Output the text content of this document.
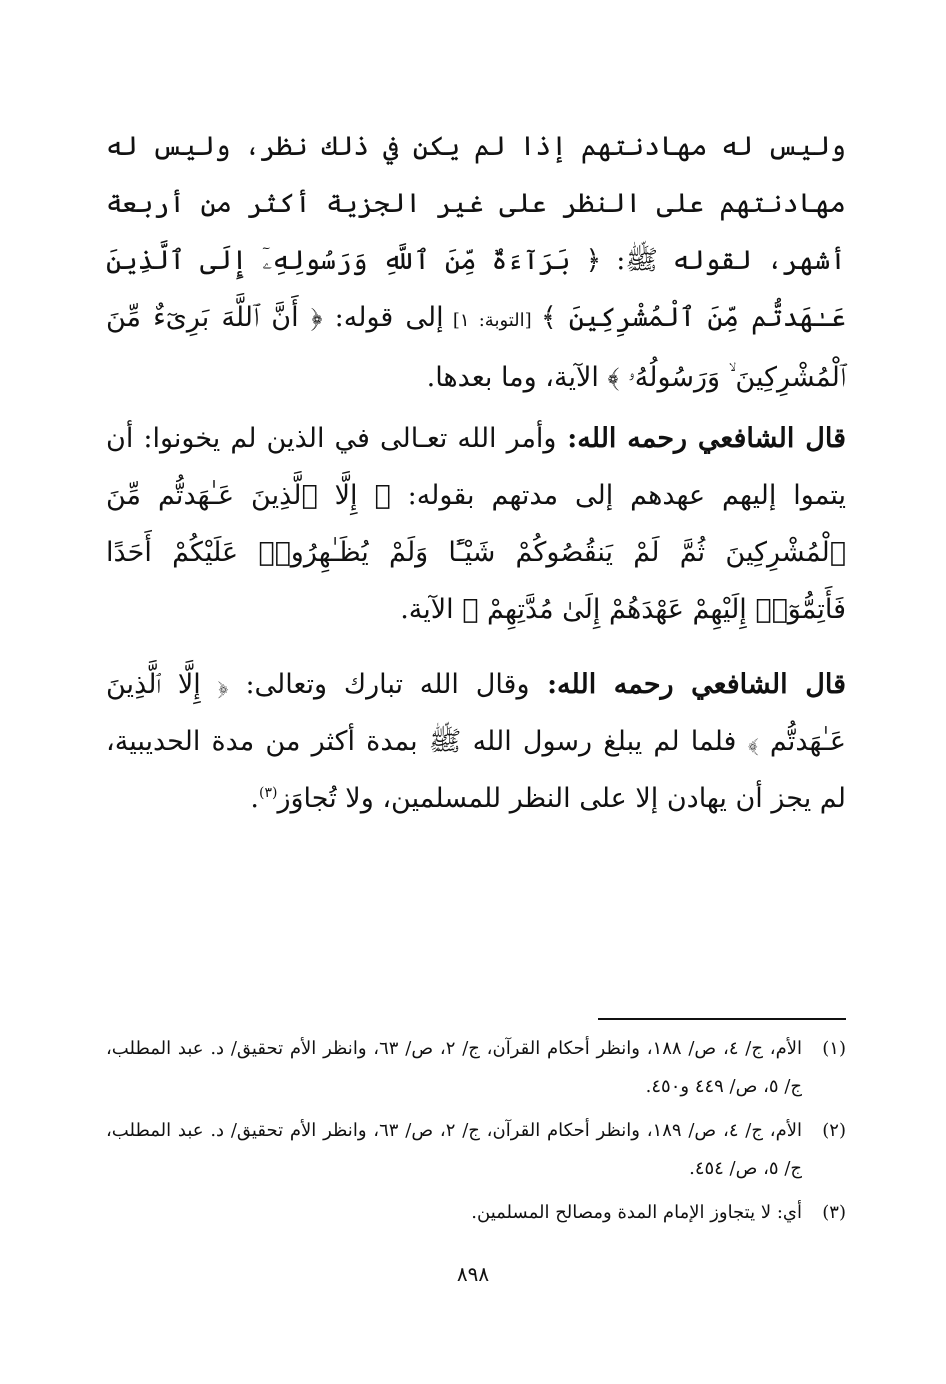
وليس له مهادنتهم إذا لم يكن في ذلك نظر، وليس له مهادنتهم على النظر على غير الجزية أكثر من أربعة أشهر، لقوله ﷺ: ﴿ بَرَآءَةٌ مِّنَ ٱللَّهِ وَرَسُولِهِۦٓ إِلَى ٱلَّذِينَ عَـٰهَدتُّم مِّنَ ٱلْمُشْرِكِينَ ﴾ [التوبة: ١] إلى قوله: ﴿ أَنَّ ٱللَّهَ بَرِىٓءٌ مِّنَ ٱلْمُشْرِكِينَ ۙ وَرَسُولُهُۥ ﴾ الآية، وما بعدها.

قال الشافعي رحمه الله: وأمر الله تعـالى في الذين لم يخونوا: أن يتموا إليهم عهدهم إلى مدتهم بقوله: ﴿ إِلَّا ٱلَّذِينَ عَـٰهَدتُّم مِّنَ ٱلْمُشْرِكِينَ ثُمَّ لَمْ يَنقُصُوكُمْ شَيْـًٔا وَلَمْ يُظَـٰهِرُوا۟ عَلَيْكُمْ أَحَدًا فَأَتِمُّوٓا۟ إِلَيْهِمْ عَهْدَهُمْ إِلَىٰ مُدَّتِهِمْ ﴾ الآية.

قال الشافعي رحمه الله: وقال الله تبارك وتعالى: ﴿ إِلَّا ٱلَّذِينَ عَـٰهَدتُّم ﴾ فلما لم يبلغ رسول الله ﷺ بمدة أكثر من مدة الحديبية، لم يجز أن يهادن إلا على النظر للمسلمين، ولا تُجاوَز$^{(٣)}$.

(١)
الأم، ج/ ٤، ص/ ١٨٨، وانظر أحكام القرآن، ج/ ٢، ص/ ٦٣، وانظر الأم تحقيق/ د. عبد المطلب، ج/ ٥، ص/ ٤٤٩ و٤٥٠.
(٢)
الأم، ج/ ٤، ص/ ١٨٩، وانظر أحكام القرآن، ج/ ٢، ص/ ٦٣، وانظر الأم تحقيق/ د. عبد المطلب، ج/ ٥، ص/ ٤٥٤.
(٣)
أي: لا يتجاوز الإمام المدة ومصالح المسلمين.
٨٩٨
